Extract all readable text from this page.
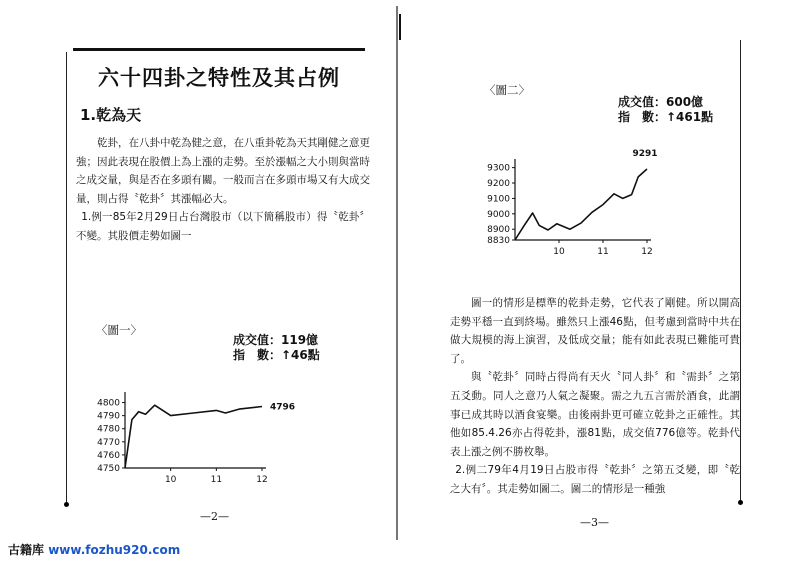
六十四卦之特性及其占例
1.乾為天

乾卦，在八卦中乾為健之意，在八重卦乾為天其剛健之意更強；因此表現在股價上為上漲的走勢。至於漲幅之大小則與當時之成交量，與是否在多頭有關。一般而言在多頭市場又有大成交量，則占得〝乾卦〞其漲幅必大。

1.例一85年2月29日占台灣股市（以下簡稱股市）得〝乾卦〞不變。其股價走勢如圖一

〈圖一〉
成交值：119億
指　數：↑46點
4750
4760
4770
4780
4790
4800
10	11	12
4796
—2—
〈圖二〉
成交值：600億
指　數：↑461點
8830
8900
9000
9100
9200
9300
10	11	12
9291

圖一的情形是標準的乾卦走勢，它代表了剛健。所以開高走勢平穩一直到終場。雖然只上漲46點，但考慮到當時中共在做大規模的海上演習，及低成交量；能有如此表現已難能可貴了。

與〝乾卦〞同時占得尚有天火〝同人卦〞和〝需卦〞之第五爻動。同人之意乃人氣之凝聚。需之九五言需於酒食，此謂事已成其時以酒食宴樂。由後兩卦更可確立乾卦之正確性。其他如85.4.26亦占得乾卦，漲81點，成交值776億等。乾卦代表上漲之例不勝枚舉。

2.例二79年4月19日占股市得〝乾卦〞之第五爻變，即〝乾之大有〞。其走勢如圖二。圖二的情形是一種強

—3—
古籍库 www.fozhu920.com
